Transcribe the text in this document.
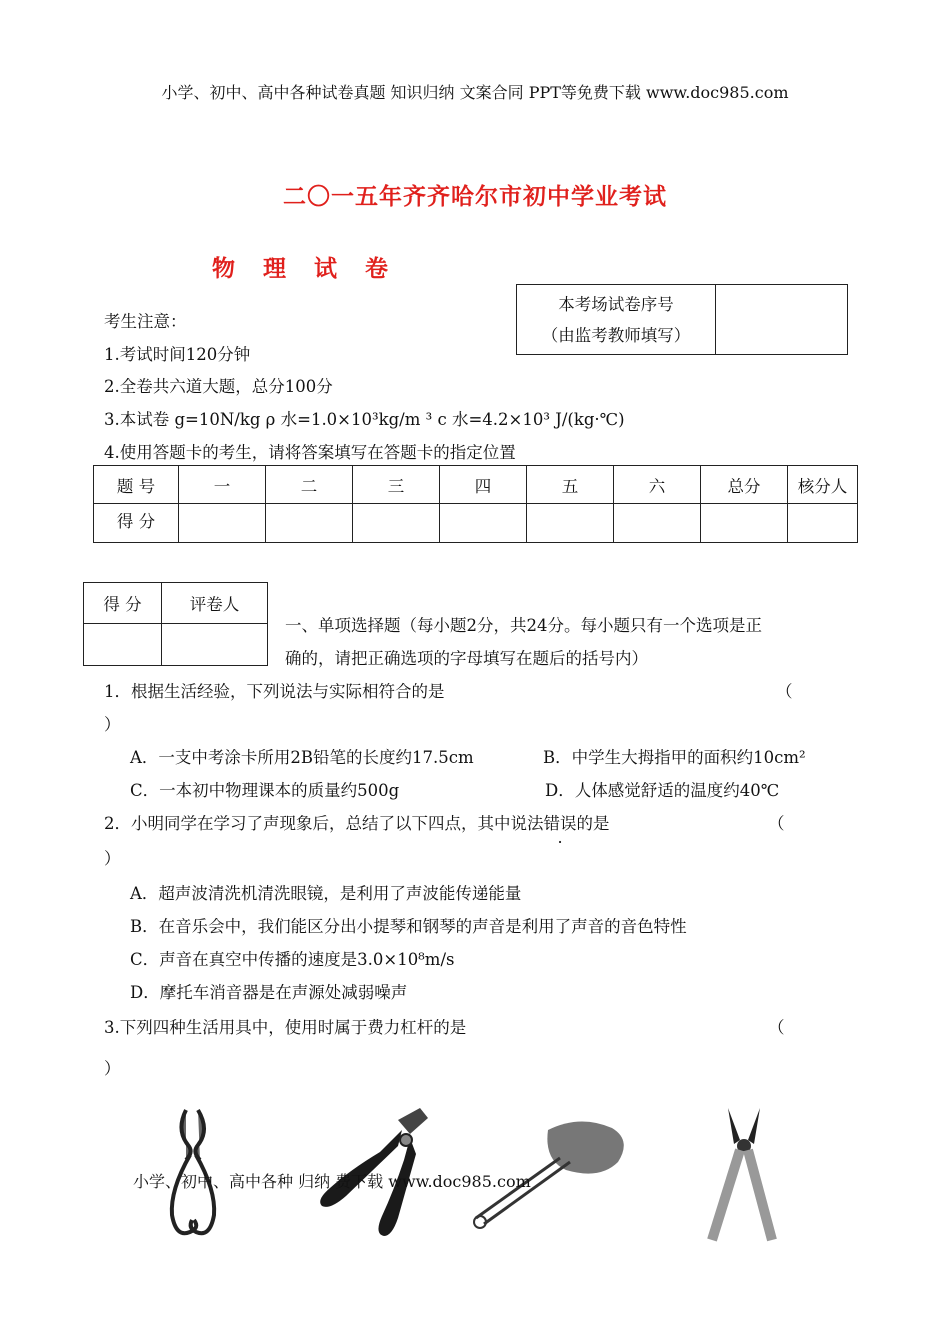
小学、初中、高中各种试卷真题 知识归纳 文案合同 PPT等免费下载 www.doc985.com
二〇一五年齐齐哈尔市初中学业考试
物理试卷
本考场试卷序号
（由监考教师填写）

考生注意：
1.考试时间120分钟
2.全卷共六道大题，总分100分
3.本试卷 g=10N/kg ρ 水=1.0×10³kg/m ³ c 水=4.2×10³ J/(kg·℃)
4.使用答题卡的考生，请将答案填写在答题卡的指定位置
题 号	一	二	三	四	五	六	总分	核分人
得 分								
得 分	评卷人

一、单项选择题（每小题2分，共24分。每小题只有一个选项是正
确的，请把正确选项的字母填写在题后的括号内）
1．根据生活经验，下列说法与实际相符合的是	（
）
A．一支中考涂卡所用2B铅笔的长度约17.5cm	B．中学生大拇指甲的面积约10cm²
C．一本初中物理课本的质量约500g	D．人体感觉舒适的温度约40℃
2．小明同学在学习了声现象后，总结了以下四点，其中说法错误的是	（
）
A．超声波清洗机清洗眼镜，是利用了声波能传递能量
B．在音乐会中，我们能区分出小提琴和钢琴的声音是利用了声音的音色特性
C．声音在真空中传播的速度是3.0×10⁸m/s
D．摩托车消音器是在声源处减弱噪声
3.下列四种生活用具中，使用时属于费力杠杆的是	（
）
小学、初中、高中各种 归纳 费下载 www.doc985.com
